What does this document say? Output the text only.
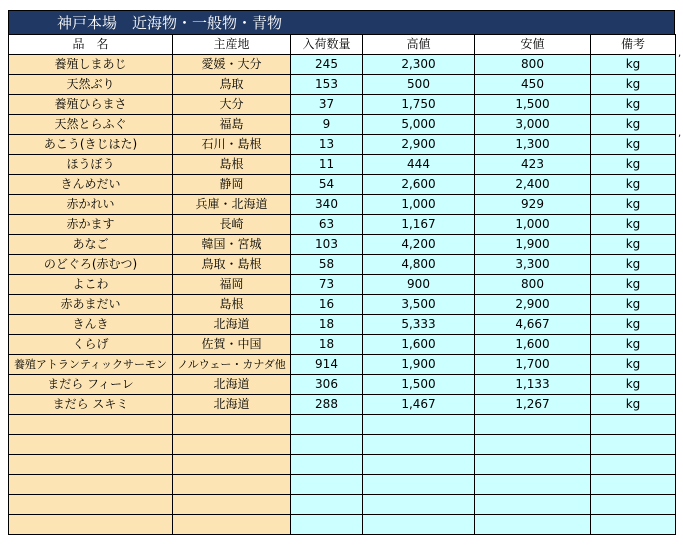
神戸本場　近海物・一般物・青物
品　名	主産地	入荷数量	高値	安値	備考
養殖しまあじ	愛媛・大分	245	2,300	800	kg
天然ぶり	鳥取	153	500	450	kg
養殖ひらまさ	大分	37	1,750	1,500	kg
天然とらふぐ	福島	9	5,000	3,000	kg
あこう(きじはた)	石川・島根	13	2,900	1,300	kg
ほうぼう	島根	11	444	423	kg
きんめだい	静岡	54	2,600	2,400	kg
赤かれい	兵庫・北海道	340	1,000	929	kg
赤かます	長崎	63	1,167	1,000	kg
あなご	韓国・宮城	103	4,200	1,900	kg
のどぐろ(赤むつ)	鳥取・島根	58	4,800	3,300	kg
よこわ	福岡	73	900	800	kg
赤あまだい	島根	16	3,500	2,900	kg
きんき	北海道	18	5,333	4,667	kg
くらげ	佐賀・中国	18	1,600	1,600	kg
養殖アトランティックサーモン	ノルウェー・カナダ他	914	1,900	1,700	kg
まだら フィーレ	北海道	306	1,500	1,133	kg
まだら スキミ	北海道	288	1,467	1,267	kg

,
,
